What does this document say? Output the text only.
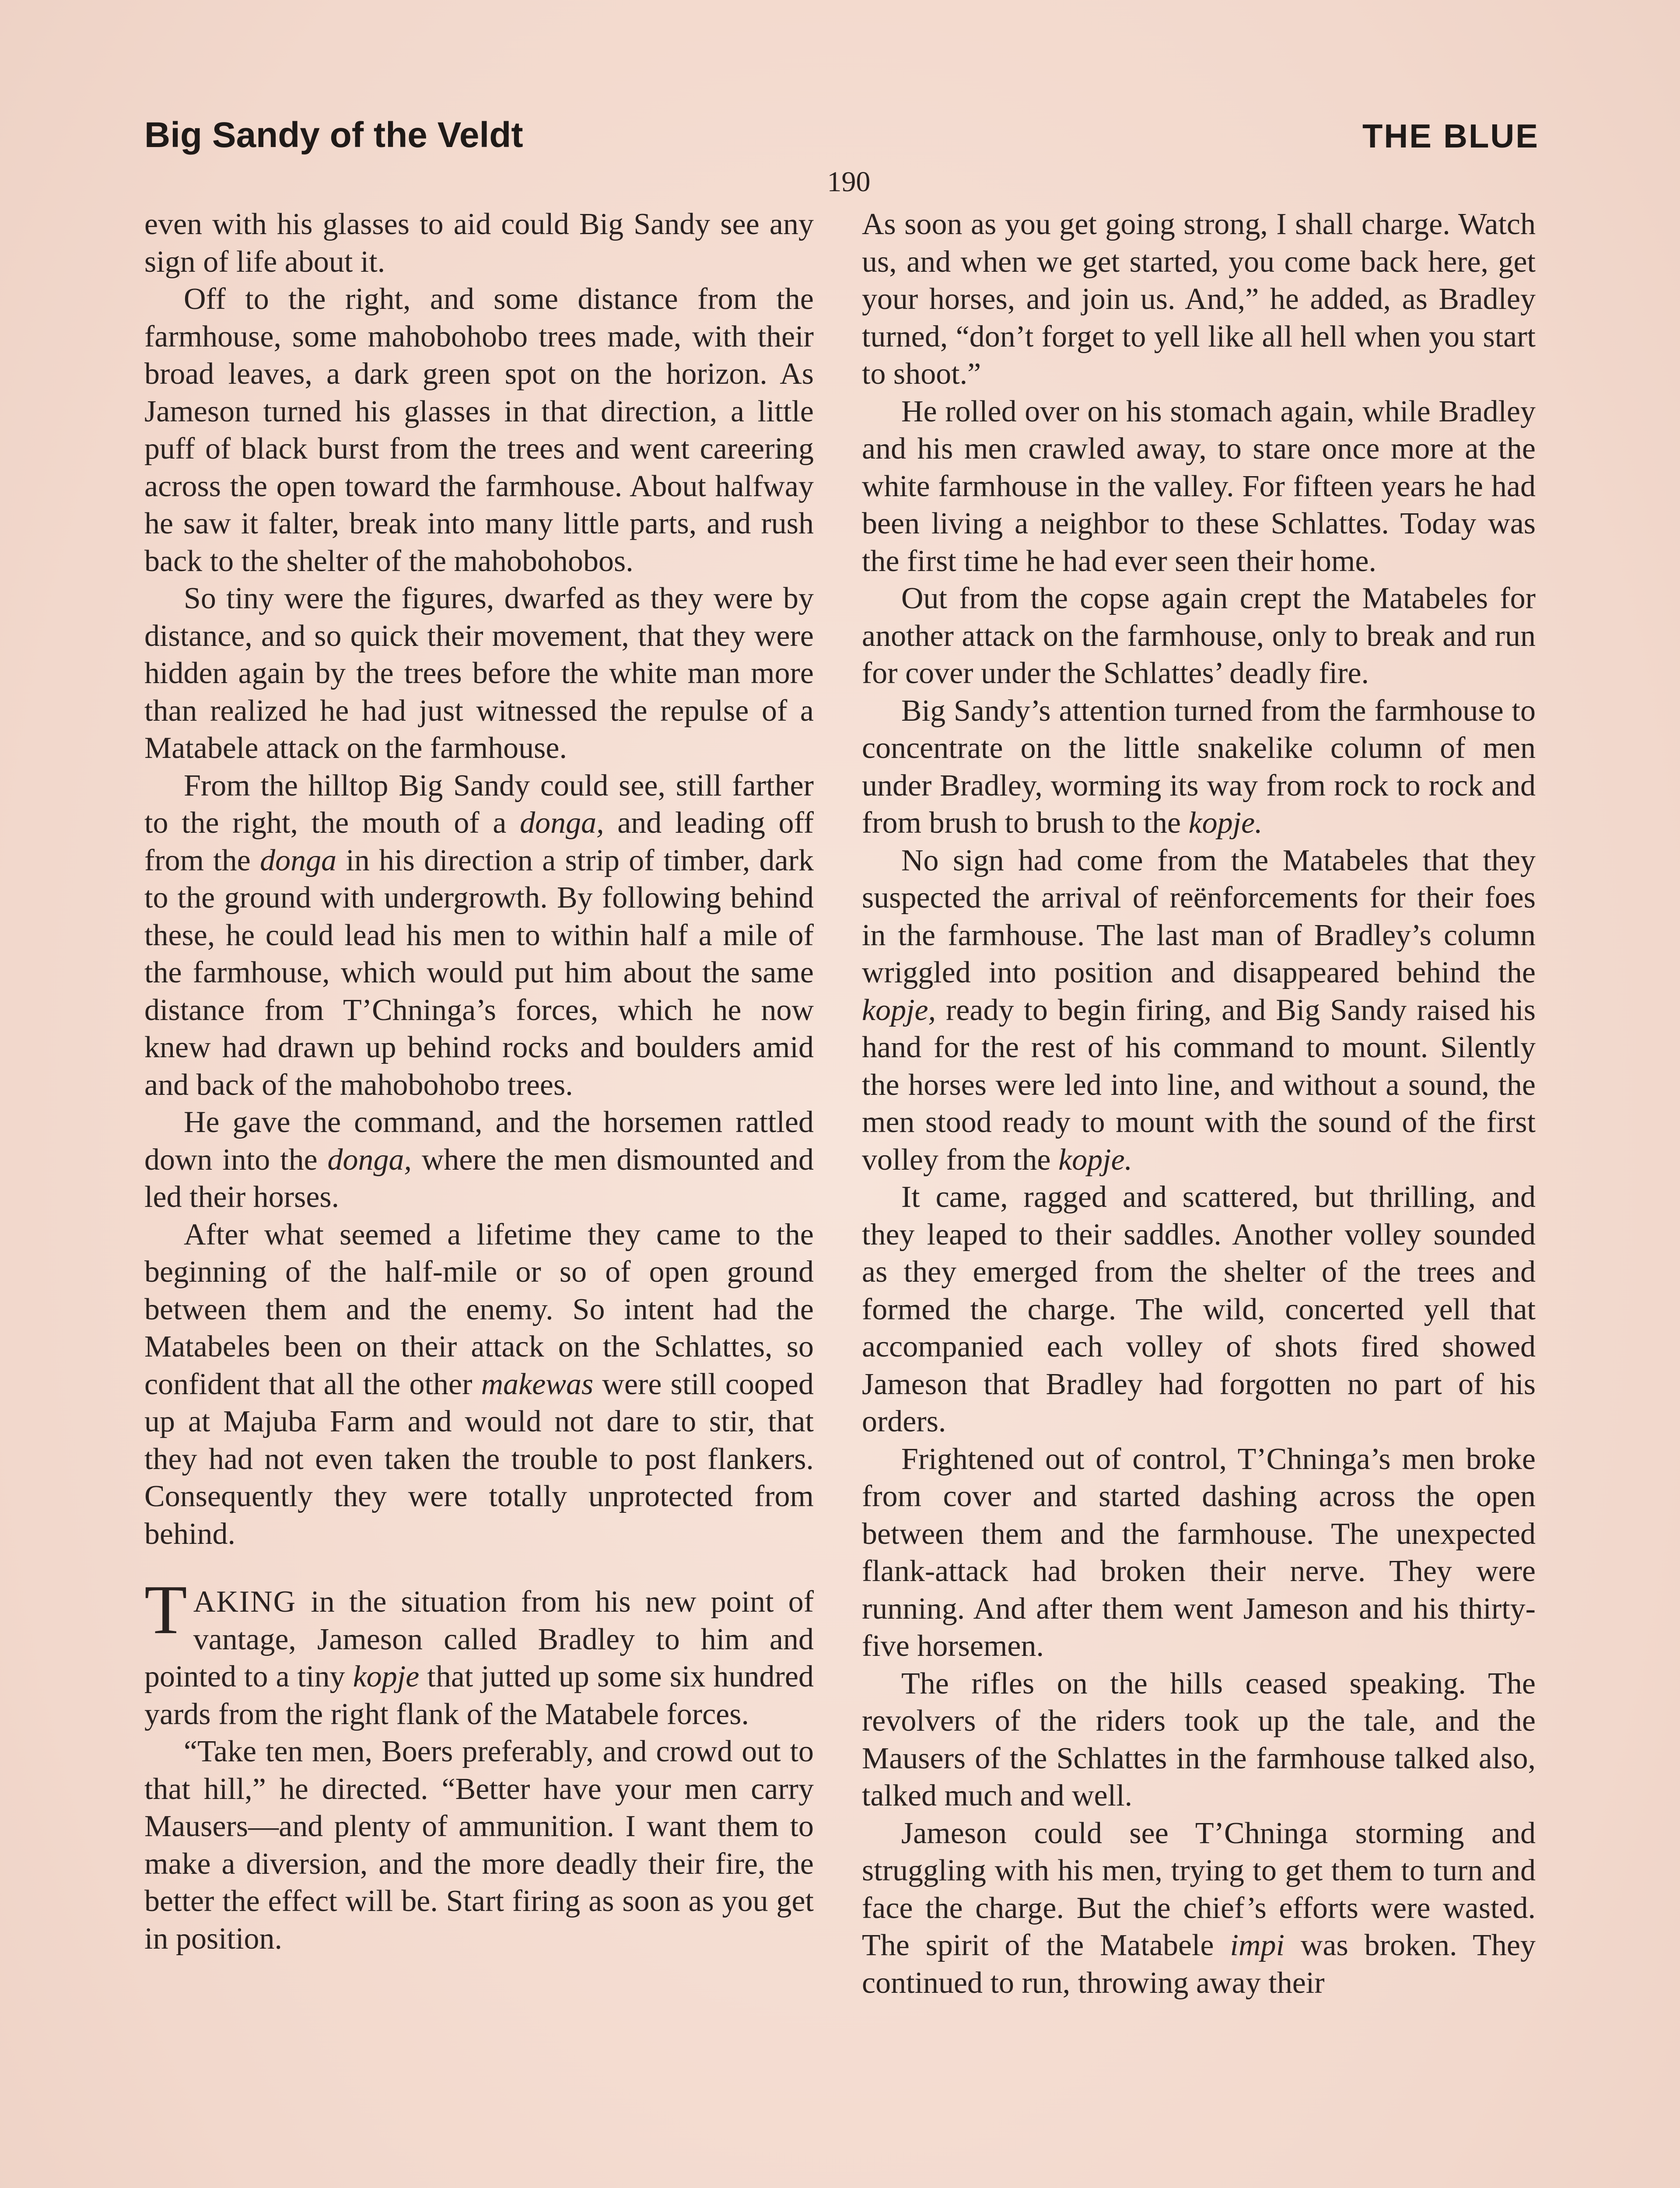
Big Sandy of the Veldt	THE BLUE
190

even with his glasses to aid could Big Sandy see any sign of life about it.

Off to the right, and some distance from the farmhouse, some mahobohobo trees made, with their broad leaves, a dark green spot on the horizon. As Jameson turned his glasses in that direction, a little puff of black burst from the trees and went careering across the open toward the farmhouse. About halfway he saw it falter, break into many little parts, and rush back to the shelter of the mahobohobos.

So tiny were the figures, dwarfed as they were by distance, and so quick their movement, that they were hidden again by the trees before the white man more than realized he had just witnessed the repulse of a Matabele attack on the farmhouse.

From the hilltop Big Sandy could see, still farther to the right, the mouth of a donga, and leading off from the donga in his direction a strip of timber, dark to the ground with undergrowth. By following behind these, he could lead his men to within half a mile of the farmhouse, which would put him about the same distance from T’Chninga’s forces, which he now knew had drawn up behind rocks and boulders amid and back of the mahobohobo trees.

He gave the command, and the horsemen rattled down into the donga, where the men dismounted and led their horses.

After what seemed a lifetime they came to the beginning of the half-mile or so of open ground between them and the enemy. So intent had the Matabeles been on their attack on the Schlattes, so confident that all the other makewas were still cooped up at Majuba Farm and would not dare to stir, that they had not even taken the trouble to post flankers. Consequently they were totally unprotected from behind.

TAKING in the situation from his new point of vantage, Jameson called Bradley to him and pointed to a tiny kopje that jutted up some six hundred yards from the right flank of the Matabele forces.

“Take ten men, Boers preferably, and crowd out to that hill,” he directed. “Better have your men carry Mausers—and plenty of ammunition. I want them to make a diversion, and the more deadly their fire, the better the effect will be. Start firing as soon as you get in position.

As soon as you get going strong, I shall charge. Watch us, and when we get started, you come back here, get your horses, and join us. And,” he added, as Bradley turned, “don’t forget to yell like all hell when you start to shoot.”

He rolled over on his stomach again, while Bradley and his men crawled away, to stare once more at the white farmhouse in the valley. For fifteen years he had been living a neighbor to these Schlattes. Today was the first time he had ever seen their home.

Out from the copse again crept the Matabeles for another attack on the farmhouse, only to break and run for cover under the Schlattes’ deadly fire.

Big Sandy’s attention turned from the farmhouse to concentrate on the little snakelike column of men under Bradley, worming its way from rock to rock and from brush to brush to the kopje.

No sign had come from the Matabeles that they suspected the arrival of reënforcements for their foes in the farmhouse. The last man of Bradley’s column wriggled into position and disappeared behind the kopje, ready to begin firing, and Big Sandy raised his hand for the rest of his command to mount. Silently the horses were led into line, and without a sound, the men stood ready to mount with the sound of the first volley from the kopje.

It came, ragged and scattered, but thrilling, and they leaped to their saddles. Another volley sounded as they emerged from the shelter of the trees and formed the charge. The wild, concerted yell that accompanied each volley of shots fired showed Jameson that Bradley had forgotten no part of his orders.

Frightened out of control, T’Chninga’s men broke from cover and started dashing across the open between them and the farmhouse. The unexpected flank-attack had broken their nerve. They were running. And after them went Jameson and his thirty-five horsemen.

The rifles on the hills ceased speaking. The revolvers of the riders took up the tale, and the Mausers of the Schlattes in the farmhouse talked also, talked much and well.

Jameson could see T’Chninga storming and struggling with his men, trying to get them to turn and face the charge. But the chief’s efforts were wasted. The spirit of the Matabele impi was broken. They continued to run, throwing away their
